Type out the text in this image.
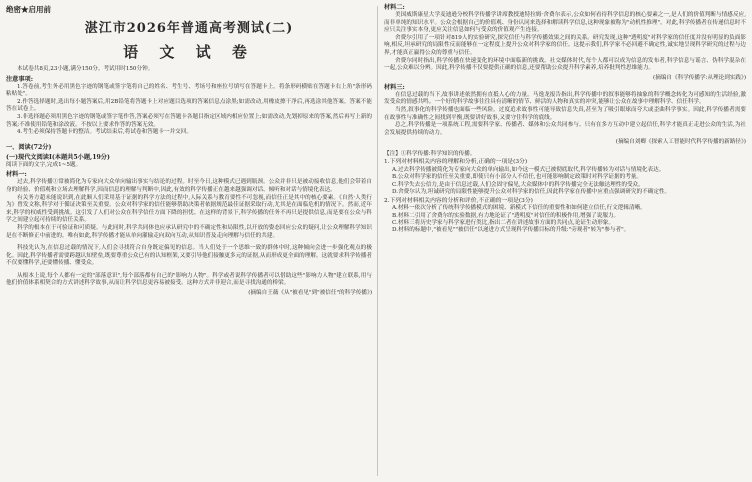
绝密★启用前
湛江市2026年普通高考测试(二)
语 文 试 卷

本试卷共8页,23小题,满分150分。考试用时150分钟。

注意事项:

1.答卷前,考生务必用黑色字迹的钢笔或签字笔将自己的姓名、考生号、考场号和座位号填写在答题卡上。将条形码横贴在答题卡右上角"条形码粘贴处"。

2.作答选择题时,选出每小题答案后,用2B铅笔将答题卡上对应题目选项的答案信息点涂黑;如需改动,用橡皮擦干净后,再选涂其他答案。答案不能答在试卷上。

3.非选择题必须用黑色字迹的钢笔或签字笔作答,答案必须写在答题卡各题目指定区域内相应位置上;如需改动,先划掉原来的答案,然后再写上新的答案;不准使用铅笔和涂改液。不按以上要求作答的答案无效。

4.考生必须保持答题卡的整洁。考试结束后,将试卷和答题卡一并交回。

一、阅读(72分)

(一)现代文阅读Ⅰ(本题共5小题,19分)

阅读下面的文字,完成1~5题。

材料一:

过去,科学传播①常被简化为专家向大众单向输出事实与结论的过程。时至今日,这种模式已遇到瓶颈。公众并非只是被动接收信息,他们会带着自身的经验、价值观和立场去理解科学,因而信息的理解与判断中,因此,有效的科学传播正在越来越强调对话、倾听和对话与情境化表达。

有关务方超未能说识到,在此顺人们采用基于证据的科学方法的过程中,人际关系与教育要性不可忽视,而信任正是其中的核心要素。《自然·人类行为》曾发文称,科学对于循证决策至关重要。公众对科学家的信任能够帮助决策者依据规范最佳证据采取行动,尤其是在面临危机的情况下。然而,近年来,科学的权威性受到挑战。这引发了人们对公众在科学信任方面下降的担忧。在这样的背景下,科学传播的任务不再只是提供信息,而是要在公众与科学之间建立起可持续的信任关系。

科学的根本在于可验证和可质疑。与此同时,科学共同体也应承认研究中的不确定性和局限性,以开放的姿态回应公众的疑问,让公众理解科学知识是在不断修正中前进的。唯有如此,科学传播才能从单向灌输走向双向互动,从知识普及走向理解与信任的共建。

科技先认为,在信息过载的情况下,人们会寻找符合自身既定偏见的信息。当人们处于一个思维一致的群体中时,这种倾向会进一步强化观点的极化。因此,科学传播者需要跨越认知壁垒,既要尊重公众已有的认知框架,又要引导他们接触更多元的证据,从而形成更全面的理解。这就要求科学传播者不仅要懂科学,还要懂传播、懂受众。

从根本上说,每个人都有一定的"部落意识",每个部落都有自己的"影响力人物"。科学或者说科学传播者可以借助这些"影响力人物"建立联系,用与他们价值体系相契合的方式讲述科学故事,从而让科学信息更容易被接受。这种方式并非迎合,而是寻找沟通的桥梁。

(摘编自王薇《从"被看见"到"被信任"的科学传播》)

材料二:

美国威斯康星大学麦迪逊分校科学传播学讲席教授迪特拉姆·舍费尔表示,公众如何看待科学信息的核心要素之一,是人们的价值判断与情感反应,而非单纯的知识水平。公众会根据自己的价值观、身份认同来选择和解读科学信息,这种现象被称为"动机性推理"。对此,科学传播者在传递信息时不应只关注事实本身,更应关注信息如何与受众的价值观产生连接。

舍费尔引用了一项针对819人的实验研究,探究信任与科学传播效果之间的关系。研究发现,这种"透明度"对科学家的信任度并没有明显的负面影响,相反,坦承研究的局限性反而能够在一定程度上提升公众对科学家的信任。这提示我们,科学家不必回避不确定性,诚实地呈现科学研究的过程与边界,才能真正赢得公众的尊重与信任。

舍费尔同时指出,科学传播在快速变化的环境中面临新的挑战。社交媒体时代,每个人都可以成为信息的发布者,科学信息与谣言、伪科学混杂在一起,公众难以分辨。因此,科学传播不仅要提供正确的信息,还要帮助公众提升科学素养,培养批判性思维能力。

(摘编自《科学传播学:从理论到实践》)

材料三:

在信息过载的当下,故事讲述依然拥有直抵人心的力量。马逸龙报告指出,科学传播中的叙事能够将抽象的科学概念转化为可感知的生活经验,激发受众的情感共鸣。一个好的科学故事往往具有清晰的情节、鲜活的人物和真实的冲突,能够让公众在故事中理解科学、信任科学。

当然,叙事化的科学传播也面临一些风险。过度追求故事性可能导致信息失真,甚至为了吸引眼球而夸大或歪曲科学事实。因此,科学传播者需要在故事性与准确性之间找到平衡,既要讲好故事,又要守住科学的底线。

总之,科学传播是一项系统工程,需要科学家、传播者、媒体和公众共同参与。只有在多方互动中建立起信任,科学才能真正走进公众的生活,为社会发展提供持续的动力。

(摘编自刘卿《探索人工智能时代科学传播的新路径》)
【注】①科学传播:科学知识的传播。

1.下列对材料相关内容的理解和分析,正确的一项是(3分)

A.过去科学传播被简化为专家向大众的单向输出,如今这一模式已被彻底取代,科学传播转为对话与情境化表达。

B.公众对科学家的信任至关重要,即使只有小部分人不信任,也可能影响制定政策时对科学证据的考量。

C.科学失去公信力,是由于信息过载,人们会固守偏见,大众媒体中的科学传播完全无法触达理性的受众。

D.舍费尔认为,坦诚研究的局限性能够提升公众对科学家的信任,因此科学家在传播中应重点强调研究的不确定性。

2.下列对材料相关内容的分析和评价,不正确的一项是(3分)

A.材料一依次分析了传统科学传播模式的困境、新模式下信任的重要性和如何建立信任,行文逻辑清晰。

B.材料二引用了舍费尔的实验数据,有力地论证了"透明度"对信任的积极作用,增强了说服力。

C.材料三将历史学家与科学家进行类比,指出二者在讲述故事方面的共同点,论证生动形象。

D.材料的标题中,"被看见""被信任"以递进方式呈现科学传播目标的升级:"旁观者"转为"参与者"。
